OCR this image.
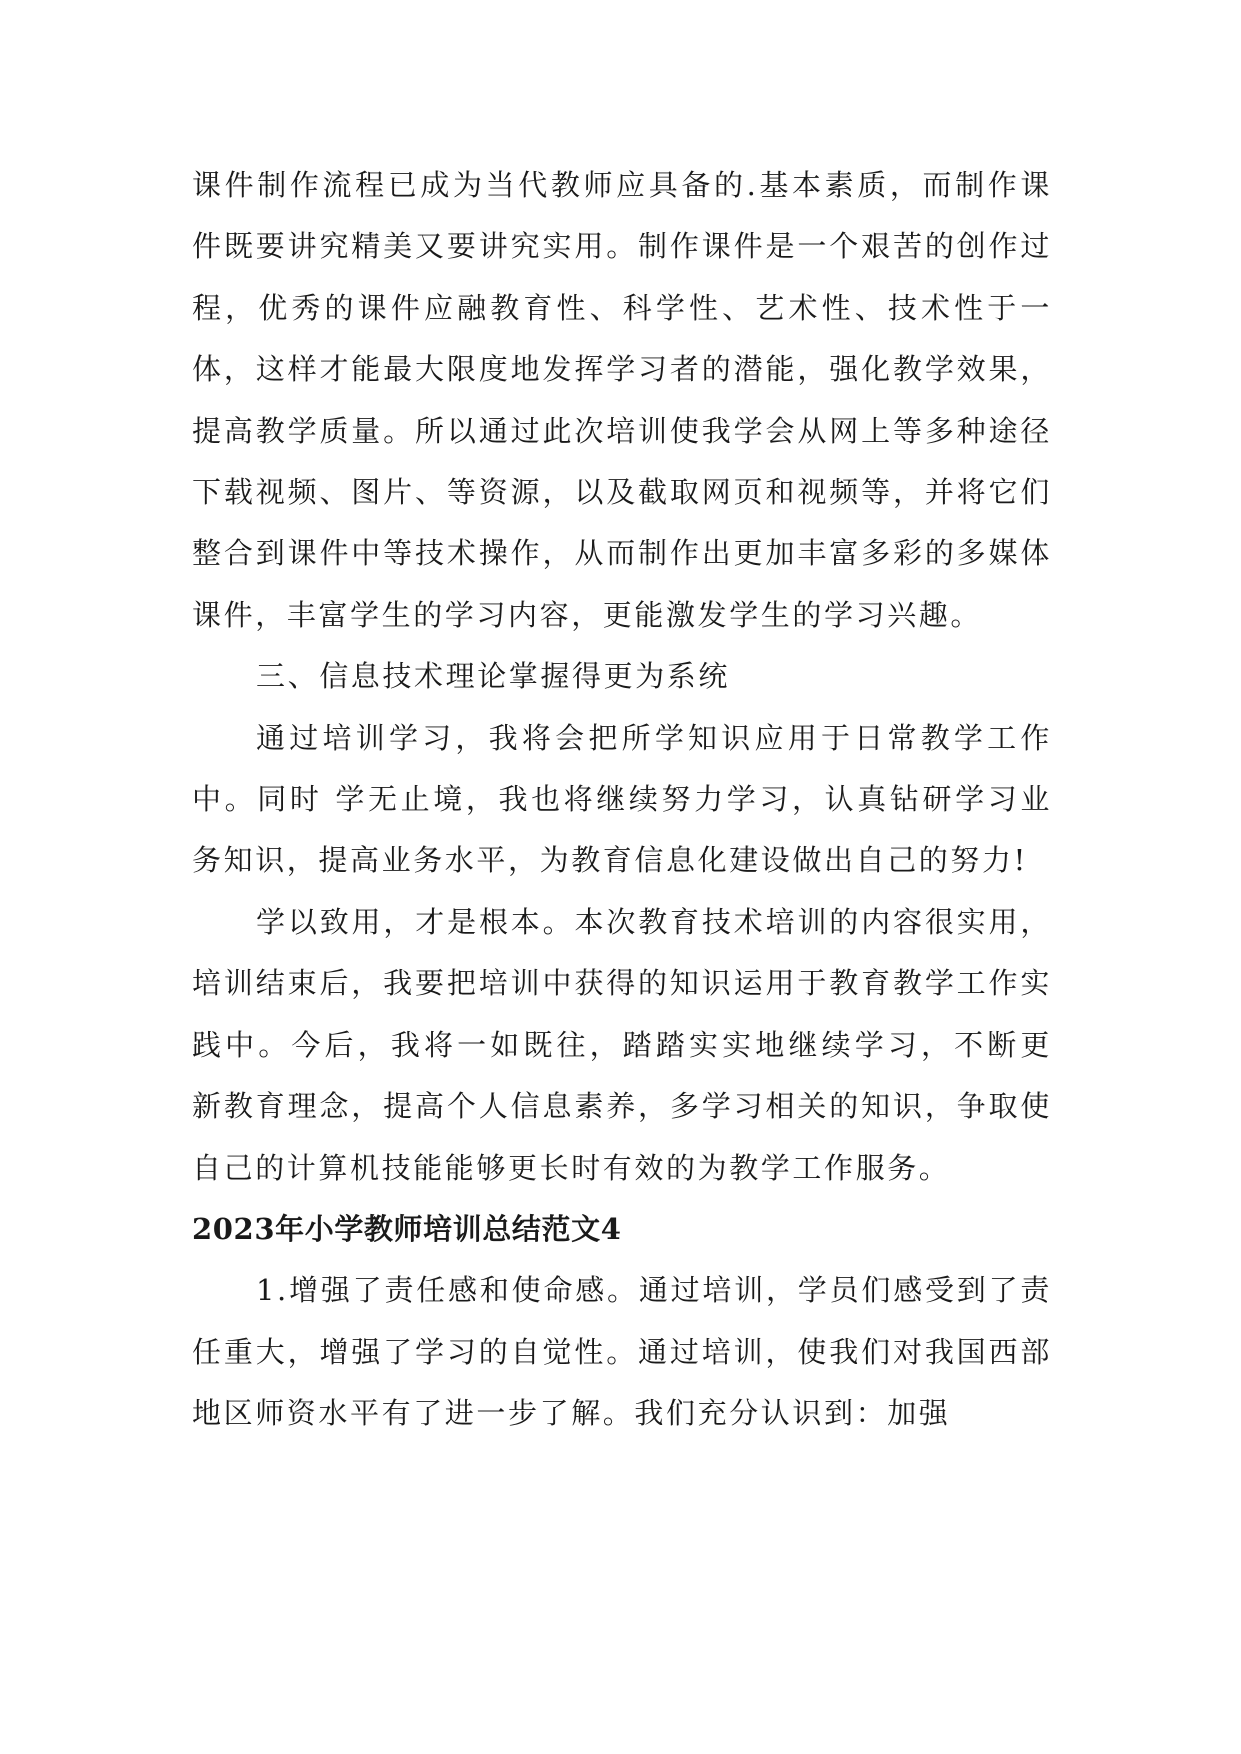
课件制作流程已成为当代教师应具备的.基本素质，而制作课件既要讲究精美又要讲究实用。制作课件是一个艰苦的创作过程，优秀的课件应融教育性、科学性、艺术性、技术性于一体，这样才能最大限度地发挥学习者的潜能，强化教学效果，提高教学质量。所以通过此次培训使我学会从网上等多种途径下载视频、图片、等资源，以及截取网页和视频等，并将它们整合到课件中等技术操作，从而制作出更加丰富多彩的多媒体课件，丰富学生的学习内容，更能激发学生的学习兴趣。

三、信息技术理论掌握得更为系统

通过培训学习，我将会把所学知识应用于日常教学工作中。同时 学无止境，我也将继续努力学习，认真钻研学习业务知识，提高业务水平，为教育信息化建设做出自己的努力!

学以致用，才是根本。本次教育技术培训的内容很实用，培训结束后，我要把培训中获得的知识运用于教育教学工作实践中。今后，我将一如既往，踏踏实实地继续学习，不断更 新教育理念，提高个人信息素养，多学习相关的知识，争取使自己的计算机技能能够更长时有效的为教学工作服务。

2023年小学教师培训总结范文4

1.增强了责任感和使命感。通过培训，学员们感受到了责任重大，增强了学习的自觉性。通过培训，使我们对我国西部地区师资水平有了进一步了解。我们充分认识到：加强
